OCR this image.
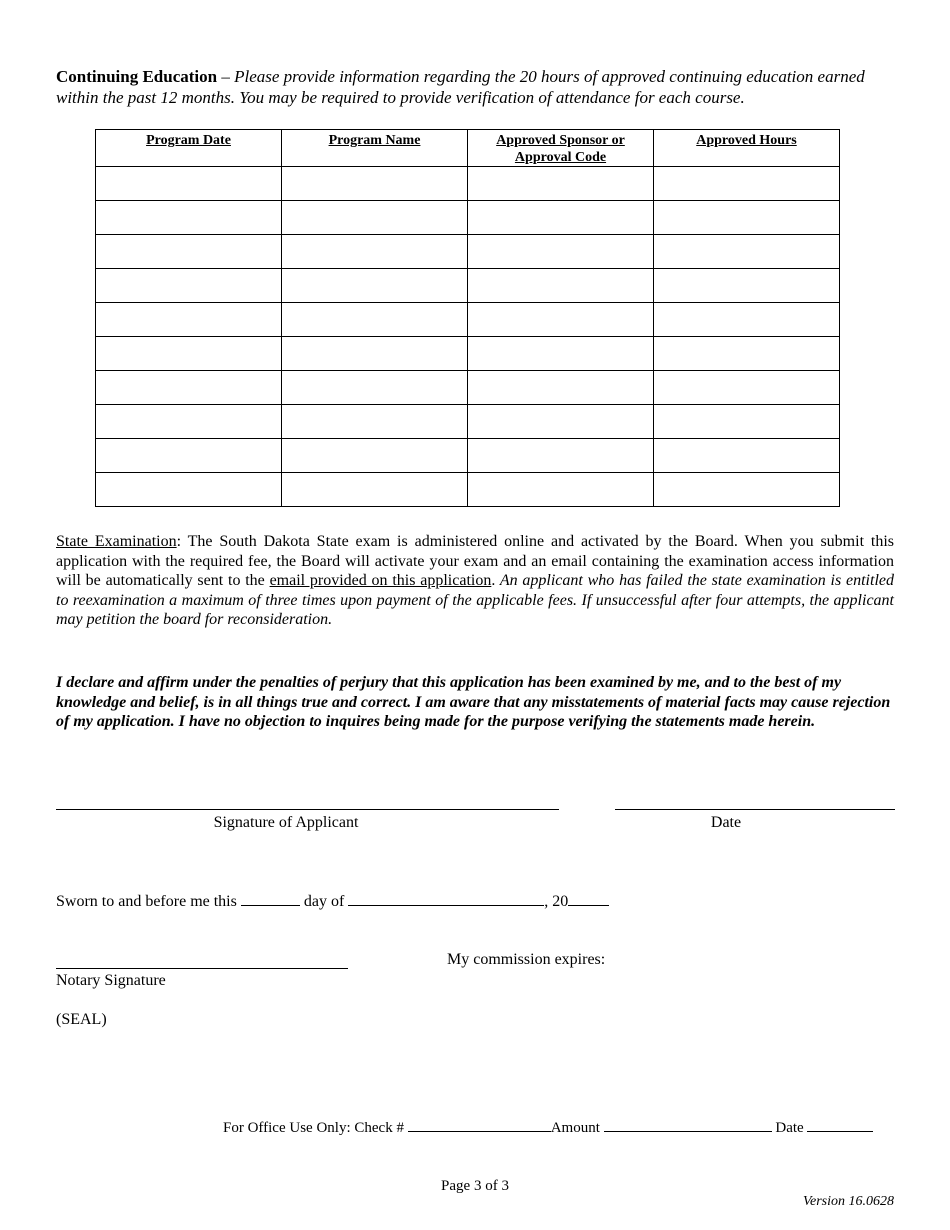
Continuing Education – Please provide information regarding the 20 hours of approved continuing education earned within the past 12 months. You may be required to provide verification of attendance for each course.
Program Date	Program Name	Approved Sponsor or Approval Code	Approved Hours

State Examination: The South Dakota State exam is administered online and activated by the Board. When you submit this application with the required fee, the Board will activate your exam and an email containing the examination access information will be automatically sent to the email provided on this application. An applicant who has failed the state examination is entitled to reexamination a maximum of three times upon payment of the applicable fees. If unsuccessful after four attempts, the applicant may petition the board for reconsideration.
I declare and affirm under the penalties of perjury that this application has been examined by me, and to the best of my knowledge and belief, is in all things true and correct. I am aware that any misstatements of material facts may cause rejection of my application. I have no objection to inquires being made for the purpose verifying the statements made herein.
Signature of Applicant	Date
Sworn to and before me this	day of	, 20
My commission expires:
Notary Signature
(SEAL)
For Office Use Only: Check #	Amount	Date
Page 3 of 3
Version 16.0628
